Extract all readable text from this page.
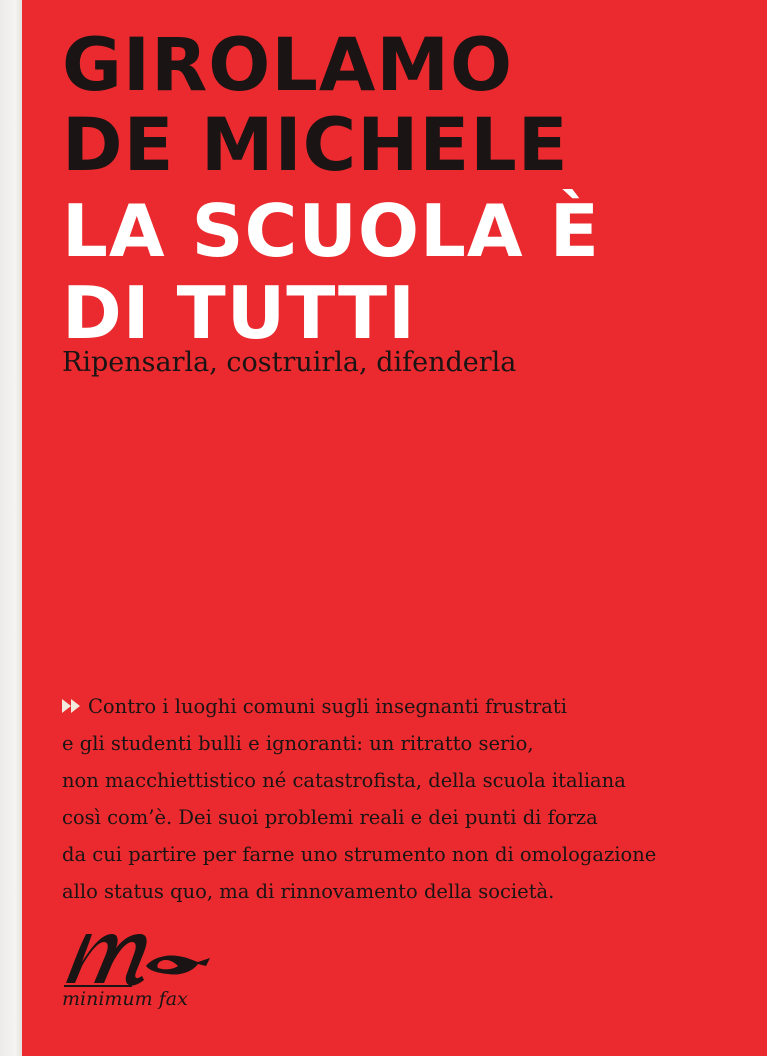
GIROLAMO
DE MICHELE
LA SCUOLA È
DI TUTTI

Ripensarla, costruirla, difenderla

Contro i luoghi comuni sugli insegnanti frustrati
e gli studenti bulli e ignoranti: un ritratto serio,
non macchiettistico né catastrofista, della scuola italiana
così com’è. Dei suoi problemi reali e dei punti di forza
da cui partire per farne uno strumento non di omologazione
allo status quo, ma di rinnovamento della società.

minimum fax
